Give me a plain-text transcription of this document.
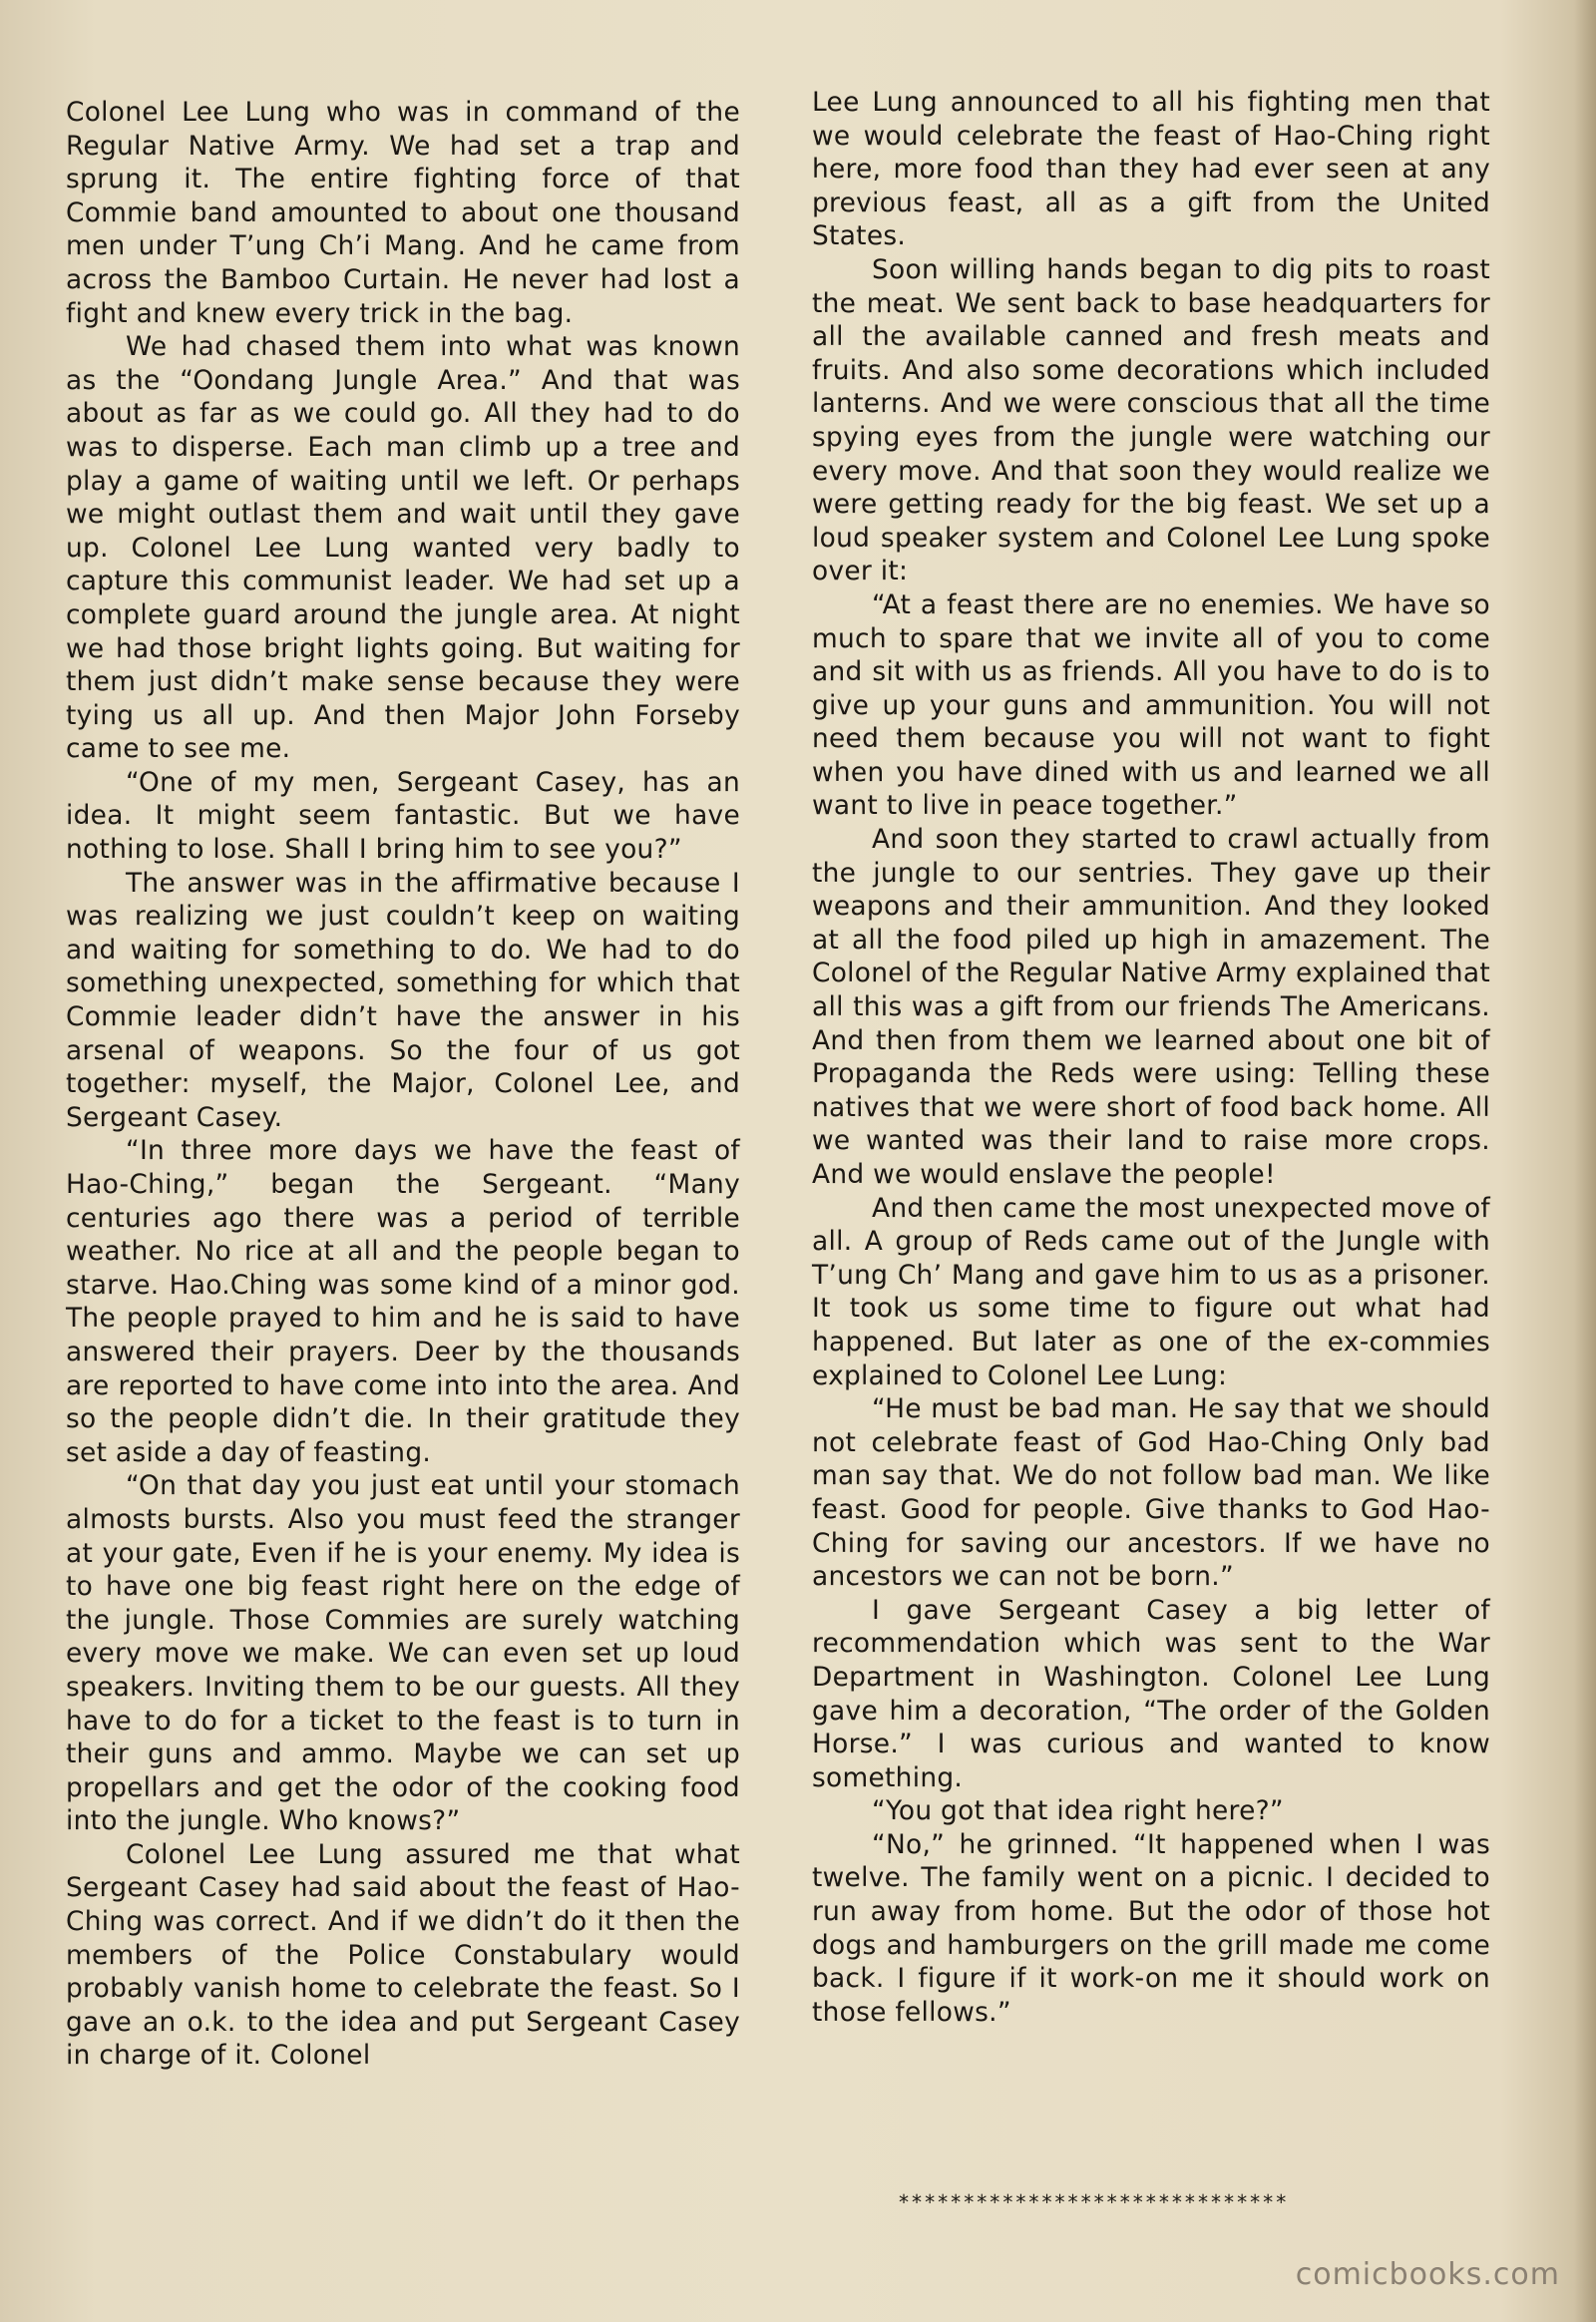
Colonel Lee Lung who was in command of the Regular Native Army. We had set a trap and sprung it. The entire fighting force of that Commie band amounted to about one thousand men under T’ung Ch’i Mang. And he came from across the Bamboo Curtain. He never had lost a fight and knew every trick in the bag.

We had chased them into what was known as the “Oondang Jungle Area.” And that was about as far as we could go. All they had to do was to disperse. Each man climb up a tree and play a game of waiting until we left. Or perhaps we might outlast them and wait until they gave up. Colonel Lee Lung wanted very badly to capture this communist leader. We had set up a complete guard around the jungle area. At night we had those bright lights going. But waiting for them just didn’t make sense because they were tying us all up. And then Major John Forseby came to see me.

“One of my men, Sergeant Casey, has an idea. It might seem fantastic. But we have nothing to lose. Shall I bring him to see you?”

The answer was in the affirmative because I was realizing we just couldn’t keep on waiting and waiting for something to do. We had to do something unexpected, something for which that Commie leader didn’t have the answer in his arsenal of weapons. So the four of us got together: myself, the Major, Colonel Lee, and Sergeant Casey.

“In three more days we have the feast of Hao-Ching,” began the Sergeant. “Many centuries ago there was a period of terrible weather. No rice at all and the people began to starve. Hao.Ching was some kind of a minor god. The people prayed to him and he is said to have answered their prayers. Deer by the thousands are reported to have come into into the area. And so the people didn’t die. In their gratitude they set aside a day of feasting.

“On that day you just eat until your stomach almosts bursts. Also you must feed the stranger at your gate, Even if he is your enemy. My idea is to have one big feast right here on the edge of the jungle. Those Commies are surely watching every move we make. We can even set up loud speakers. Inviting them to be our guests. All they have to do for a ticket to the feast is to turn in their guns and ammo. Maybe we can set up propellars and get the odor of the cooking food into the jungle. Who knows?”

Colonel Lee Lung assured me that what Sergeant Casey had said about the feast of Hao-Ching was correct. And if we didn’t do it then the members of the Police Constabulary would probably vanish home to celebrate the feast. So I gave an o.k. to the idea and put Sergeant Casey in charge of it. Colonel

Lee Lung announced to all his fighting men that we would celebrate the feast of Hao-Ching right here, more food than they had ever seen at any previous feast, all as a gift from the United States.

Soon willing hands began to dig pits to roast the meat. We sent back to base headquarters for all the available canned and fresh meats and fruits. And also some decorations which included lanterns. And we were conscious that all the time spying eyes from the jungle were watching our every move. And that soon they would realize we were getting ready for the big feast. We set up a loud speaker system and Colonel Lee Lung spoke over it:

“At a feast there are no enemies. We have so much to spare that we invite all of you to come and sit with us as friends. All you have to do is to give up your guns and ammunition. You will not need them because you will not want to fight when you have dined with us and learned we all want to live in peace together.”

And soon they started to crawl actually from the jungle to our sentries. They gave up their weapons and their ammunition. And they looked at all the food piled up high in amazement. The Colonel of the Regular Native Army explained that all this was a gift from our friends The Americans. And then from them we learned about one bit of Propaganda the Reds were using: Telling these natives that we were short of food back home. All we wanted was their land to raise more crops. And we would enslave the people!

And then came the most unexpected move of all. A group of Reds came out of the Jungle with T’ung Ch’ Mang and gave him to us as a prisoner. It took us some time to figure out what had happened. But later as one of the ex-commies explained to Colonel Lee Lung:

“He must be bad man. He say that we should not celebrate feast of God Hao-Ching Only bad man say that. We do not follow bad man. We like feast. Good for people. Give thanks to God Hao-Ching for saving our ancestors. If we have no ancestors we can not be born.”

I gave Sergeant Casey a big letter of recommendation which was sent to the War Department in Washington. Colonel Lee Lung gave him a decoration, “The order of the Golden Horse.” I was curious and wanted to know something.

“You got that idea right here?”

“No,” he grinned. “It happened when I was twelve. The family went on a picnic. I decided to run away from home. But the odor of those hot dogs and hamburgers on the grill made me come back. I figure if it work-on me it should work on those fellows.”

******************************
comicbooks.com
